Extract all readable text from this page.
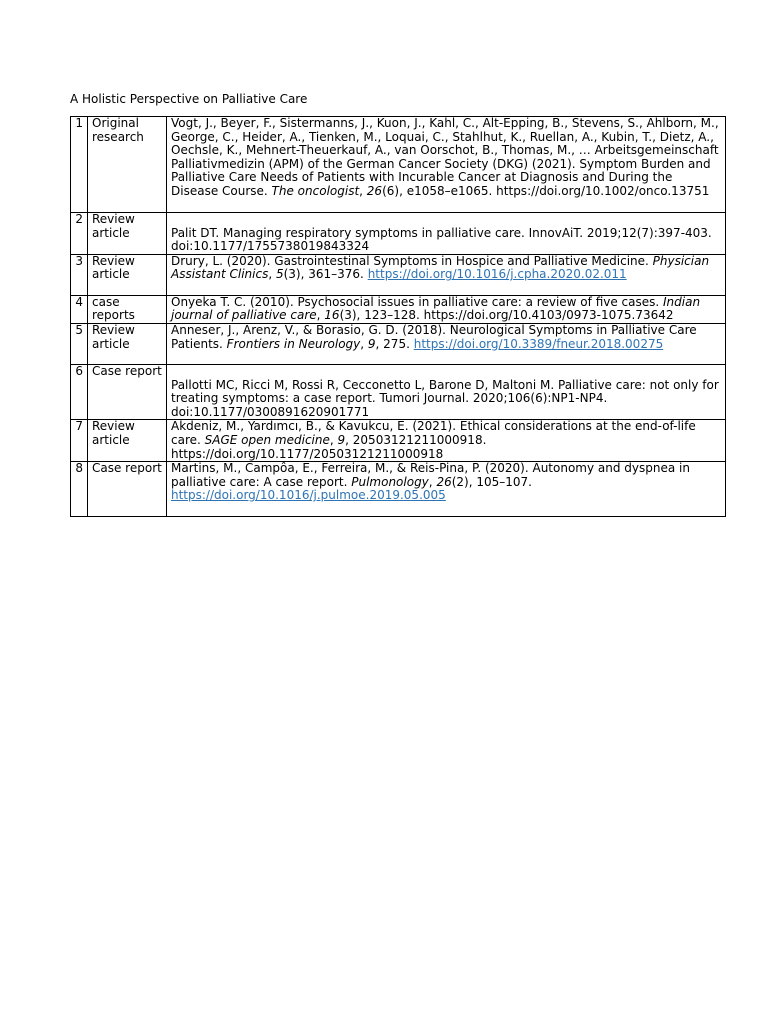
A Holistic Perspective on Palliative Care
1	Original research	Vogt, J., Beyer, F., Sistermanns, J., Kuon, J., Kahl, C., Alt-Epping, B., Stevens, S., Ahlborn, M., George, C., Heider, A., Tienken, M., Loquai, C., Stahlhut, K., Ruellan, A., Kubin, T., Dietz, A., Oechsle, K., Mehnert-Theuerkauf, A., van Oorschot, B., Thomas, M., … Arbeitsgemeinschaft Palliativmedizin (APM) of the German Cancer Society (DKG) (2021). Symptom Burden and Palliative Care Needs of Patients with Incurable Cancer at Diagnosis and During the Disease Course. The oncologist, 26(6), e1058–e1065. https://doi.org/10.1002/onco.13751
2	Review article	Palit DT. Managing respiratory symptoms in palliative care. InnovAiT. 2019;12(7):397-403. doi:10.1177/1755738019843324
3	Review article	Drury, L. (2020). Gastrointestinal Symptoms in Hospice and Palliative Medicine. Physician Assistant Clinics, 5(3), 361–376. https://doi.org/10.1016/j.cpha.2020.02.011
4	case reports	Onyeka T. C. (2010). Psychosocial issues in palliative care: a review of five cases. Indian journal of palliative care, 16(3), 123–128. https://doi.org/10.4103/0973-1075.73642
5	Review article	Anneser, J., Arenz, V., & Borasio, G. D. (2018). Neurological Symptoms in Palliative Care Patients. Frontiers in Neurology, 9, 275. https://doi.org/10.3389/fneur.2018.00275
6	Case report	Pallotti MC, Ricci M, Rossi R, Cecconetto L, Barone D, Maltoni M. Palliative care: not only for treating symptoms: a case report. Tumori Journal. 2020;106(6):NP1-NP4. doi:10.1177/0300891620901771
7	Review article	Akdeniz, M., Yardımcı, B., & Kavukcu, E. (2021). Ethical considerations at the end-of-life care. SAGE open medicine, 9, 20503121211000918. https://doi.org/10.1177/20503121211000918
8	Case report	Martins, M., Campôa, E., Ferreira, M., & Reis-Pina, P. (2020). Autonomy and dyspnea in palliative care: A case report. Pulmonology, 26(2), 105–107. https://doi.org/10.1016/j.pulmoe.2019.05.005
